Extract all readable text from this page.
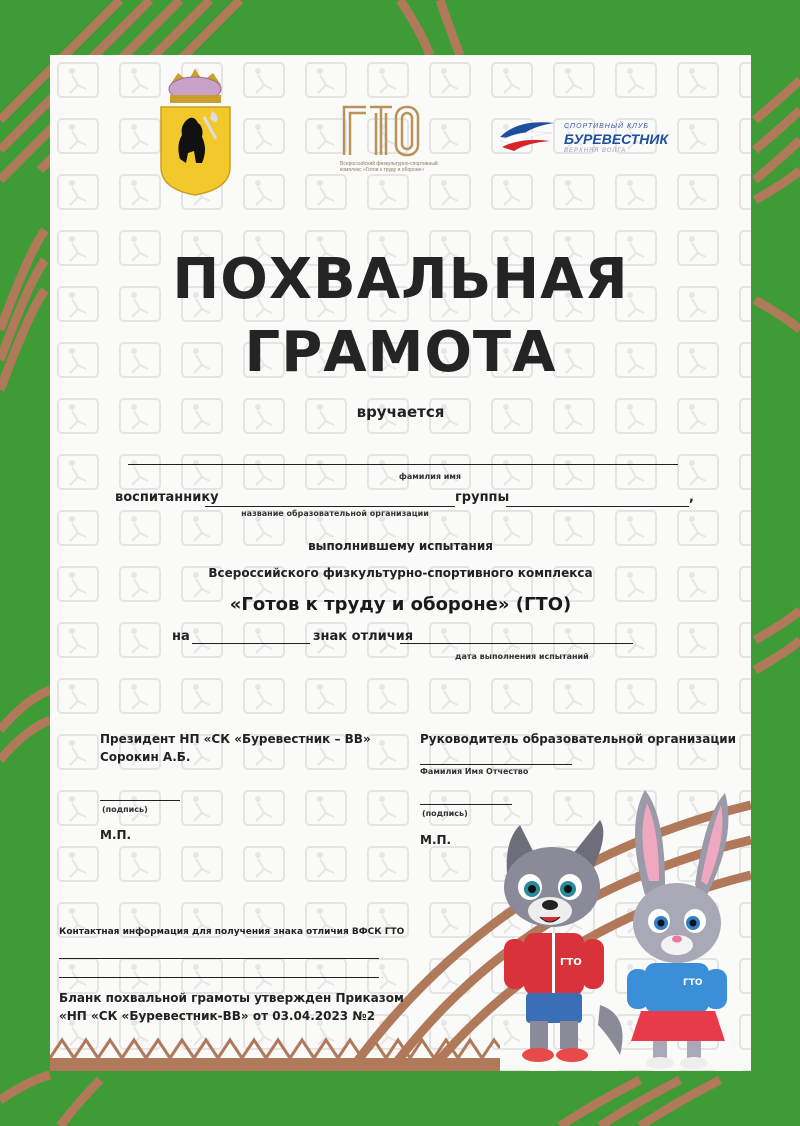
Всероссийский физкультурно-спортивный комплекс «Готов к труду и обороне»
СПОРТИВНЫЙ КЛУБ
БУРЕВЕСТНИК
ВЕРХНЯЯ ВОЛГА
ПОХВАЛЬНАЯ
ГРАМОТА
вручается
фамилия имя
воспитаннику	группы	,
название образовательной организации
выполнившему испытания
Всероссийского физкультурно-спортивного комплекса
«Готов к труду и обороне» (ГТО)
на	знак отличия
дата выполнения испытаний
Президент НП «СК «Буревестник – ВВ»
Сорокин А.Б.
(подпись)
М.П.
Руководитель образовательной организации
Фамилия Имя Отчество
(подпись)
М.П.
Контактная информация для получения знака отличия ВФСК ГТО
Бланк похвальной грамоты утвержден Приказом
«НП «СК «Буревестник-ВВ» от 03.04.2023 №2
ГТО
ГТО
